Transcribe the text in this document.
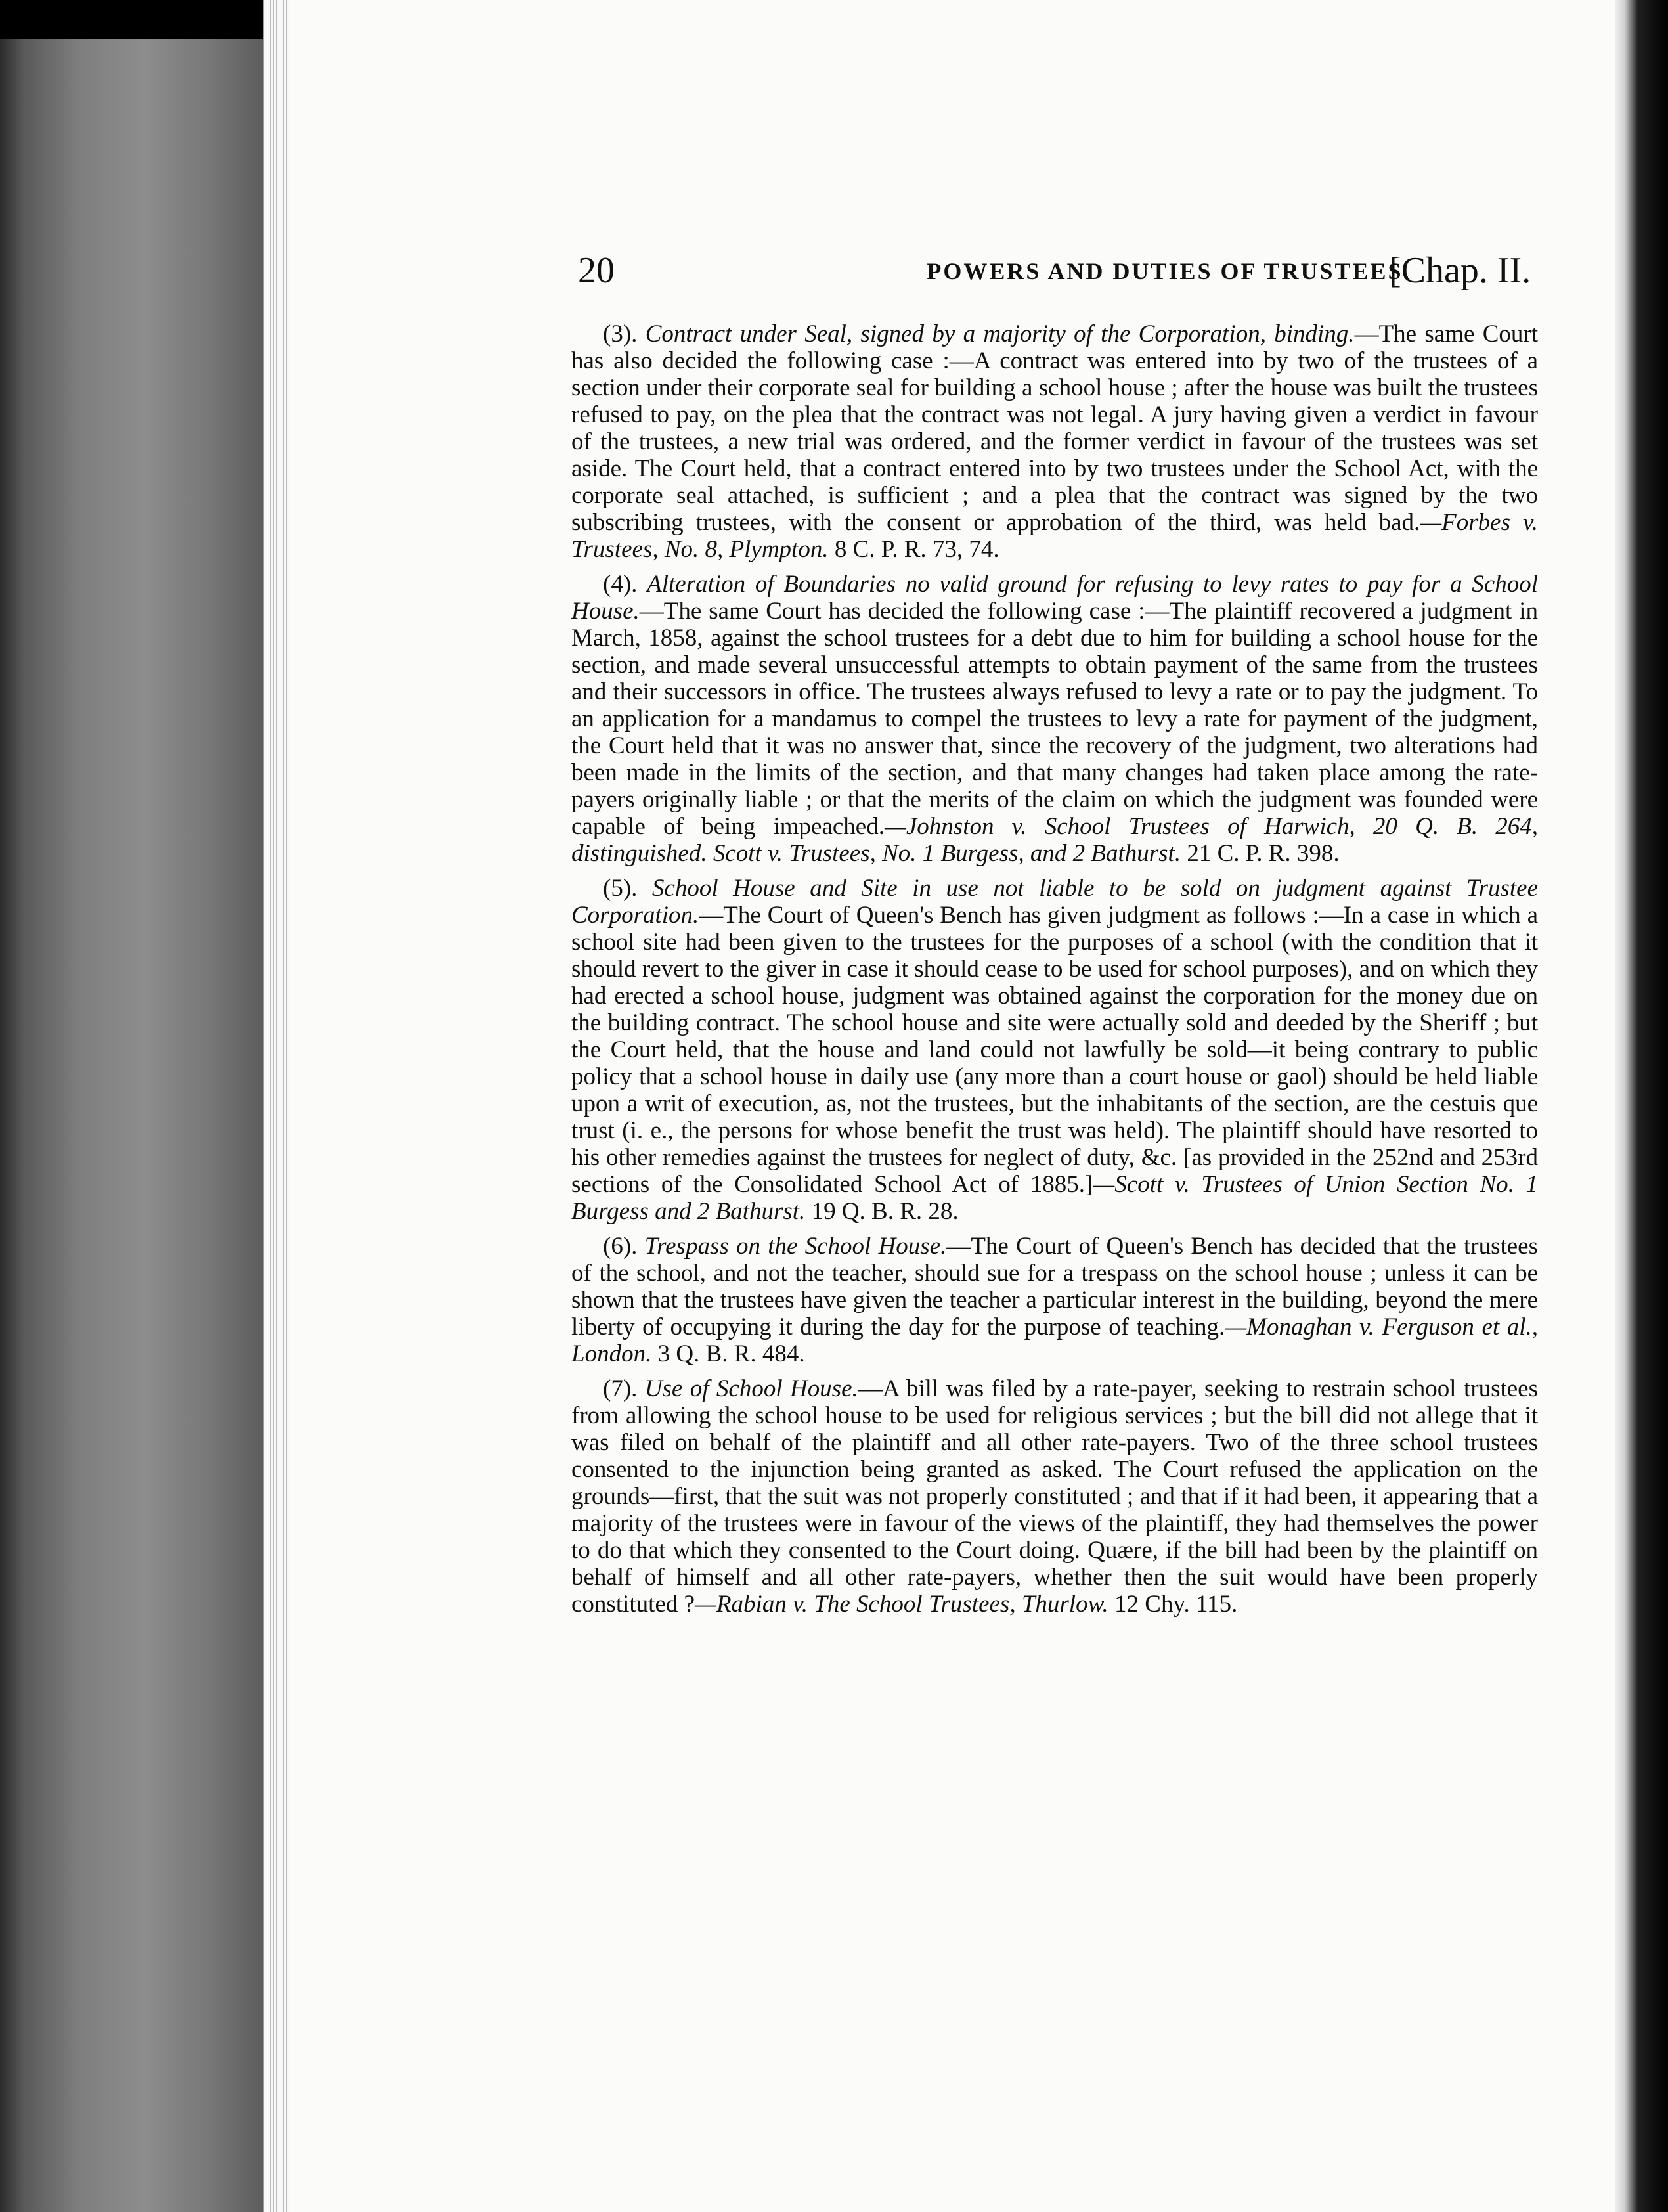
20	POWERS AND DUTIES OF TRUSTEES.
[Chap. II.

(3). Contract under Seal, signed by a majority of the Corporation, binding.—The same Court has also decided the following case :—A contract was entered into by two of the trustees of a section under their corporate seal for building a school house ; after the house was built the trustees refused to pay, on the plea that the contract was not legal. A jury having given a verdict in favour of the trustees, a new trial was ordered, and the former verdict in favour of the trustees was set aside. The Court held, that a contract entered into by two trustees under the School Act, with the corporate seal attached, is sufficient ; and a plea that the contract was signed by the two subscribing trustees, with the consent or approbation of the third, was held bad.—Forbes v. Trustees, No. 8, Plympton. 8 C. P. R. 73, 74.

(4). Alteration of Boundaries no valid ground for refusing to levy rates to pay for a School House.—The same Court has decided the following case :—The plaintiff recovered a judgment in March, 1858, against the school trustees for a debt due to him for building a school house for the section, and made several unsuccessful attempts to obtain payment of the same from the trustees and their successors in office. The trustees always refused to levy a rate or to pay the judgment. To an application for a mandamus to compel the trustees to levy a rate for payment of the judgment, the Court held that it was no answer that, since the recovery of the judgment, two alterations had been made in the limits of the section, and that many changes had taken place among the rate-payers originally liable ; or that the merits of the claim on which the judgment was founded were capable of being impeached.—Johnston v. School Trustees of Harwich, 20 Q. B. 264, distinguished. Scott v. Trustees, No. 1 Burgess, and 2 Bathurst. 21 C. P. R. 398.

(5). School House and Site in use not liable to be sold on judgment against Trustee Corporation.—The Court of Queen's Bench has given judgment as follows :—In a case in which a school site had been given to the trustees for the purposes of a school (with the condition that it should revert to the giver in case it should cease to be used for school purposes), and on which they had erected a school house, judgment was obtained against the corporation for the money due on the building contract. The school house and site were actually sold and deeded by the Sheriff ; but the Court held, that the house and land could not lawfully be sold—it being contrary to public policy that a school house in daily use (any more than a court house or gaol) should be held liable upon a writ of execution, as, not the trustees, but the inhabitants of the section, are the cestuis que trust (i. e., the persons for whose benefit the trust was held). The plaintiff should have resorted to his other remedies against the trustees for neglect of duty, &c. [as provided in the 252nd and 253rd sections of the Consolidated School Act of 1885.]—Scott v. Trustees of Union Section No. 1 Burgess and 2 Bathurst. 19 Q. B. R. 28.

(6). Trespass on the School House.—The Court of Queen's Bench has decided that the trustees of the school, and not the teacher, should sue for a trespass on the school house ; unless it can be shown that the trustees have given the teacher a particular interest in the building, beyond the mere liberty of occupying it during the day for the purpose of teaching.—Monaghan v. Ferguson et al., London. 3 Q. B. R. 484.

(7). Use of School House.—A bill was filed by a rate-payer, seeking to restrain school trustees from allowing the school house to be used for religious services ; but the bill did not allege that it was filed on behalf of the plaintiff and all other rate-payers. Two of the three school trustees consented to the injunction being granted as asked. The Court refused the application on the grounds—first, that the suit was not properly constituted ; and that if it had been, it appearing that a majority of the trustees were in favour of the views of the plaintiff, they had themselves the power to do that which they consented to the Court doing. Quære, if the bill had been by the plaintiff on behalf of himself and all other rate-payers, whether then the suit would have been properly constituted ?—Rabian v. The School Trustees, Thurlow. 12 Chy. 115.
